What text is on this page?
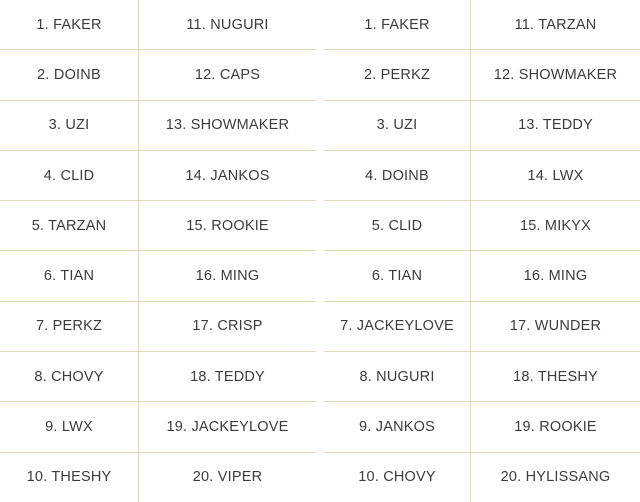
1. FAKER	11. NUGURI
2. DOINB	12. CAPS
3. UZI	13. SHOWMAKER
4. CLID	14. JANKOS
5. TARZAN	15. ROOKIE
6. TIAN	16. MING
7. PERKZ	17. CRISP
8. CHOVY	18. TEDDY
9. LWX	19. JACKEYLOVE
10. THESHY	20. VIPER
1. FAKER	11. TARZAN
2. PERKZ	12. SHOWMAKER
3. UZI	13. TEDDY
4. DOINB	14. LWX
5. CLID	15. MIKYX
6. TIAN	16. MING
7. JACKEYLOVE	17. WUNDER
8. NUGURI	18. THESHY
9. JANKOS	19. ROOKIE
10. CHOVY	20. HYLISSANG
